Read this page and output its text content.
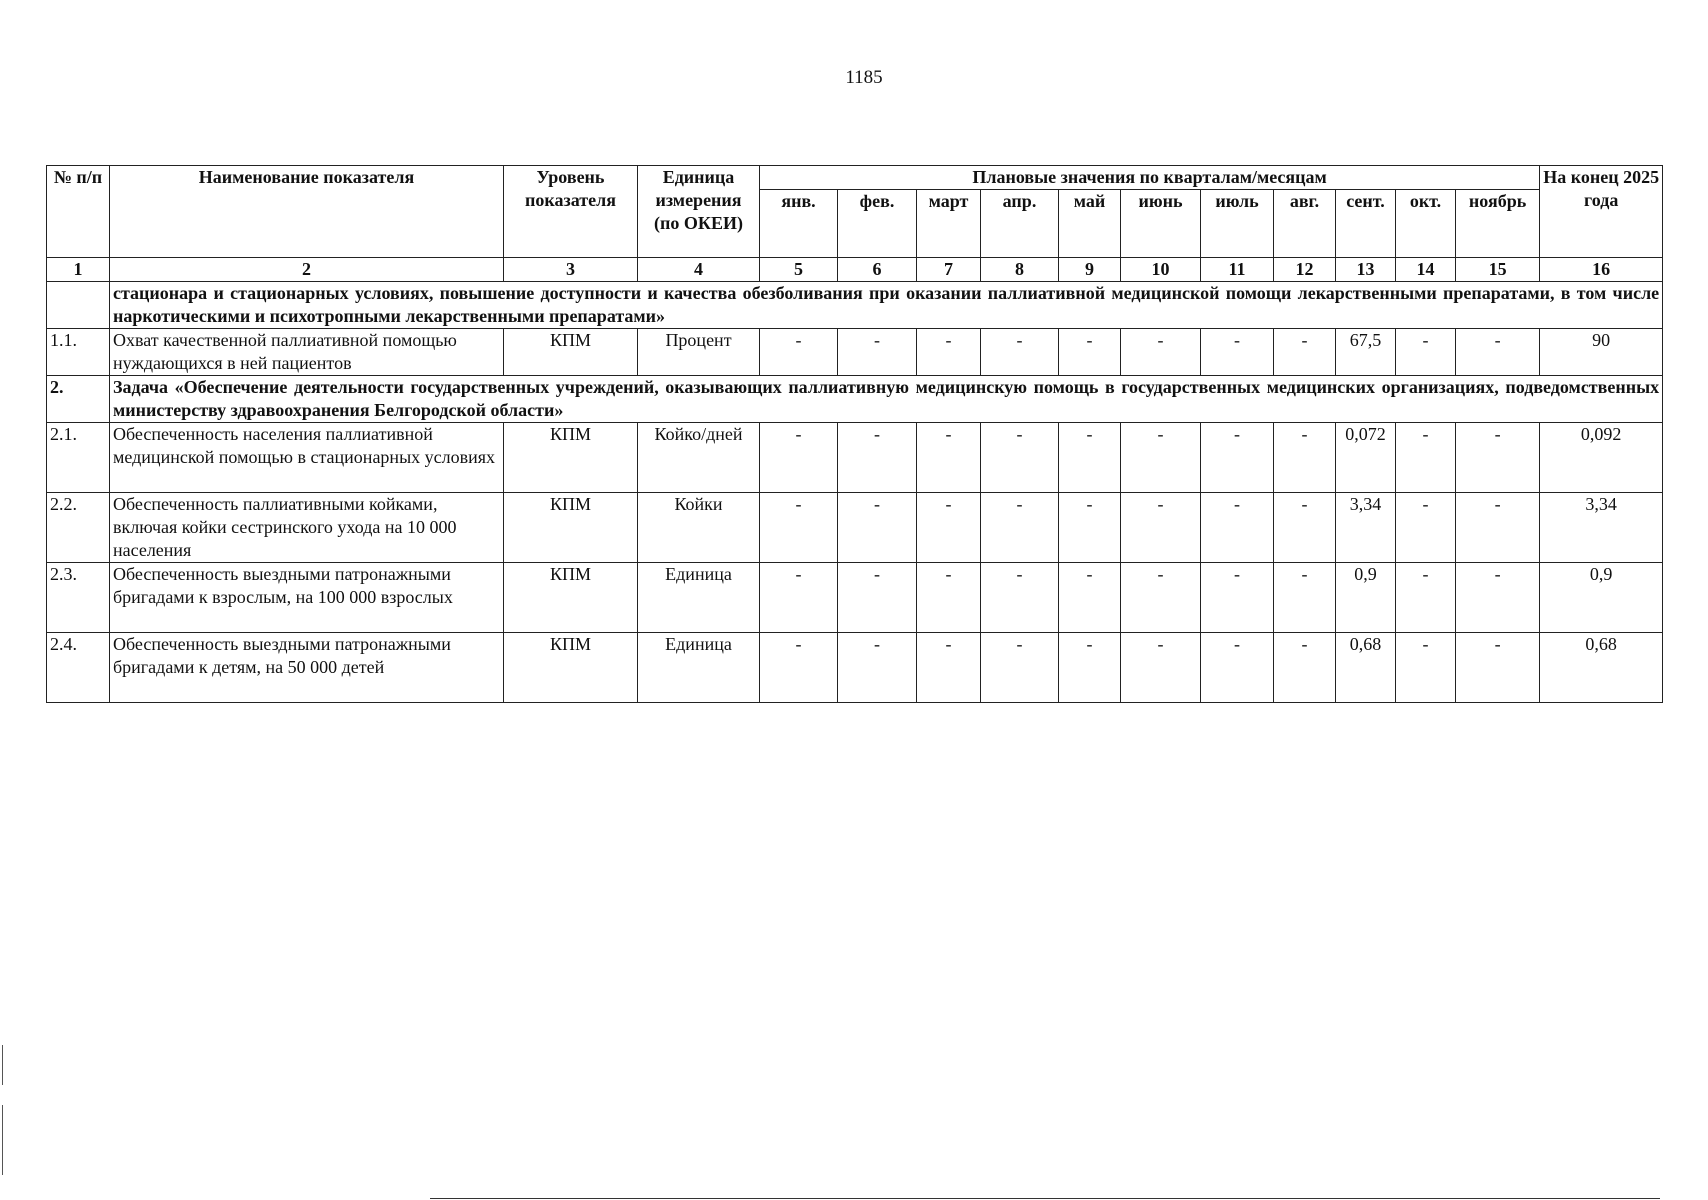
1185
№ п/п	Наименование показателя	Уровень показателя	Единица измерения (по ОКЕИ)	Плановые значения по кварталам/месяцам											На конец 2025 года
				янв.	фев.	март	апр.	май	июнь	июль	авг.	сент.	окт.	ноябрь	
1	2	3	4	5	6	7	8	9	10	11	12	13	14	15	16
	стационара и стационарных условиях, повышение доступности и качества обезболивания при оказании паллиативной медицинской помощи лекарственными препаратами, в том числе наркотическими и психотропными лекарственными препаратами»														
1.1.	Охват качественной паллиативной помощью нуждающихся в ней пациентов	КПМ	Процент	-	-	-	-	-	-	-	-	67,5	-	-	90
2.	Задача «Обеспечение деятельности государственных учреждений, оказывающих паллиативную медицинскую помощь в государственных медицинских организациях, подведомственных министерству здравоохранения Белгородской области»														
2.1.	Обеспеченность населения паллиативной медицинской помощью в стационарных условиях	КПМ	Койко/дней	-	-	-	-	-	-	-	-	0,072	-	-	0,092
2.2.	Обеспеченность паллиативными койками, включая койки сестринского ухода на 10 000 населения	КПМ	Койки	-	-	-	-	-	-	-	-	3,34	-	-	3,34
2.3.	Обеспеченность выездными патронажными бригадами к взрослым, на 100 000 взрослых	КПМ	Единица	-	-	-	-	-	-	-	-	0,9	-	-	0,9
2.4.	Обеспеченность выездными патронажными бригадами к детям, на 50 000 детей	КПМ	Единица	-	-	-	-	-	-	-	-	0,68	-	-	0,68
